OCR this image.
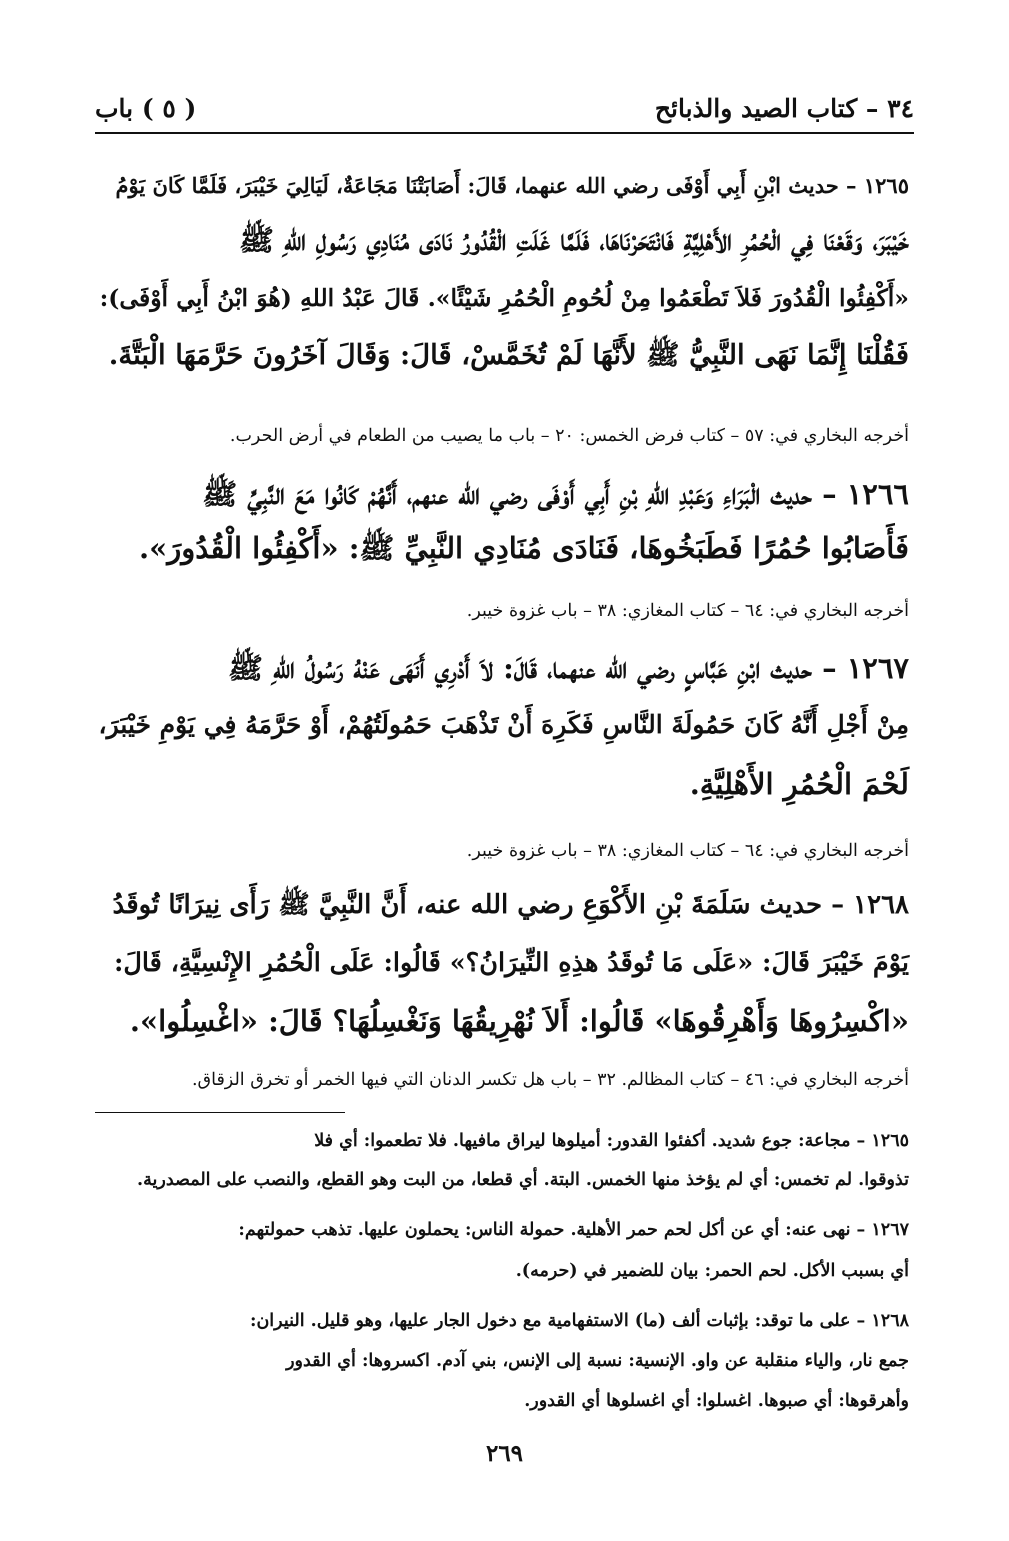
٣٤ – كتاب الصيد والذبائح
( ٥ ) باب
١٢٦٥ – حديث ابْنِ أَبِي أَوْفَى رضي الله عنهما، قَالَ: أَصَابَتْنَا مَجَاعَةٌ، لَيَالِيَ خَيْبَرَ، فَلَمَّا كَانَ يَوْمُ
خَيْبَرَ، وَقَعْنَا فِي الْحُمُرِ الأَهْلِيَّةِ فَانْتَحَرْنَاهَا، فَلَمَّا غَلَتِ الْقُدُورُ نَادَى مُنَادِي رَسُولِ اللهِ ﷺ
«أَكْفِئُوا الْقُدُورَ فَلاَ تَطْعَمُوا مِنْ لُحُومِ الْحُمُرِ شَيْئًا». قَالَ عَبْدُ اللهِ (هُوَ ابْنُ أَبِي أَوْفَى):
فَقُلْنَا إِنَّمَا نَهَى النَّبِيُّ ﷺ لأَنَّهَا لَمْ تُخَمَّسْ، قَالَ: وَقَالَ آخَرُونَ حَرَّمَهَا الْبَتَّةَ.
أخرجه البخاري في: ٥٧ – كتاب فرض الخمس: ٢٠ – باب ما يصيب من الطعام في أرض الحرب.
١٢٦٦ – حديث الْبَرَاءِ وَعَبْدِ اللهِ بْنِ أَبِي أَوْفَى رضي الله عنهم، أَنَّهُمْ كَانُوا مَعَ النَّبِيِّ ﷺ
فَأَصَابُوا حُمُرًا فَطَبَخُوهَا، فَنَادَى مُنَادِي النَّبِيِّ ﷺ: «أَكْفِئُوا الْقُدُورَ».
أخرجه البخاري في: ٦٤ – كتاب المغازي: ٣٨ – باب غزوة خيبر.
١٢٦٧ – حديث ابْنِ عَبَّاسٍ رضي الله عنهما، قَالَ: لاَ أَدْرِي أَنَهَى عَنْهُ رَسُولُ اللهِ ﷺ
مِنْ أَجْلِ أَنَّهُ كَانَ حَمُولَةَ النَّاسِ فَكَرِهَ أَنْ تَذْهَبَ حَمُولَتُهُمْ، أَوْ حَرَّمَهُ فِي يَوْمِ خَيْبَرَ،
لَحْمَ الْحُمُرِ الأَهْلِيَّةِ.
أخرجه البخاري في: ٦٤ – كتاب المغازي: ٣٨ – باب غزوة خيبر.
١٢٦٨ – حديث سَلَمَةَ بْنِ الأَكْوَعِ رضي الله عنه، أَنَّ النَّبِيَّ ﷺ رَأَى نِيرَانًا تُوقَدُ
يَوْمَ خَيْبَرَ قَالَ: «عَلَى مَا تُوقَدُ هذِهِ النِّيرَانُ؟» قَالُوا: عَلَى الْحُمُرِ الإِنْسِيَّةِ، قَالَ:
«اكْسِرُوهَا وَأَهْرِقُوهَا» قَالُوا: أَلاَ نُهْرِيقُهَا وَنَغْسِلُهَا؟ قَالَ: «اغْسِلُوا».
أخرجه البخاري في: ٤٦ – كتاب المظالم. ٣٢ – باب هل تكسر الدنان التي فيها الخمر أو تخرق الزقاق.
١٢٦٥ – مجاعة: جوع شديد. أكفئوا القدور: أميلوها ليراق مافيها. فلا تطعموا: أي فلا
تذوقوا. لم تخمس: أي لم يؤخذ منها الخمس. البتة. أي قطعا، من البت وهو القطع، والنصب على المصدرية.
١٢٦٧ – نهى عنه: أي عن أكل لحم حمر الأهلية. حمولة الناس: يحملون عليها. تذهب حمولتهم:
أي بسبب الأكل. لحم الحمر: بيان للضمير في (حرمه).
١٢٦٨ – على ما توقد: بإثبات ألف (ما) الاستفهامية مع دخول الجار عليها، وهو قليل. النيران:
جمع نار، والياء منقلبة عن واو. الإنسية: نسبة إلى الإنس، بني آدم. اكسروها: أي القدور
وأهرقوها: أي صبوها. اغسلوا: أي اغسلوها أي القدور.
٢٦٩
